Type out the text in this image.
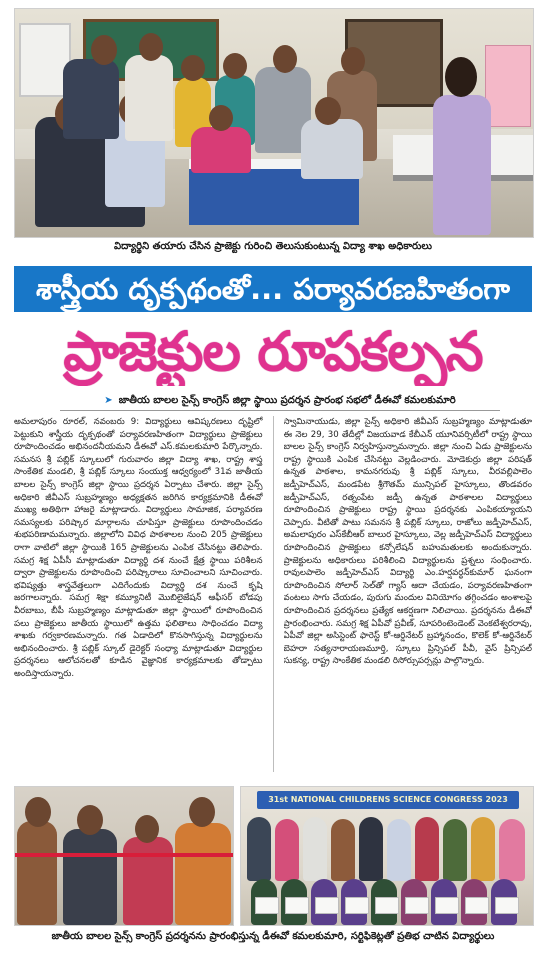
విద్యార్థిని తయారు చేసిన ప్రాజెక్టు గురించి తెలుసుకుంటున్న విద్యా శాఖ అధికారులు
శాస్త్రీయ దృక్పథంతో... పర్యావరణహితంగా
ప్రాజెక్టుల రూపకల్పన
➤ జాతీయ బాలల సైన్స్ కాంగ్రెస్ జిల్లా స్థాయి ప్రదర్శన ప్రారంభ సభలో డీఈవో కమలకుమారి
అమలాపురం రూరల్‌, నవంబరు 9: విద్యార్థులు ఆవిష్కరణలు దృష్టిలో పెట్టుకుని శాస్త్రీయ దృక్పథంతో పర్యావరణహితంగా విద్యార్థులు ప్రాజెక్టులు రూపొందించడం అభినందనీయమని డీఈవో ఎస్‌.కమలకుమారి పేర్కొన్నారు. సమనస శ్రీ పబ్లిక్‌ స్కూలులో గురువారం జిల్లా విద్యా శాఖ, రాష్ట్ర శాస్త్ర సాంకేతిక మండలి, శ్రీ పబ్లిక్‌ స్కూలు సంయుక్త ఆధ్వర్యంలో 31వ జాతీయ బాలల సైన్స్‌ కాంగ్రెస్‌ జిల్లా స్థాయి ప్రదర్శన ఏర్పాటు చేశారు. జిల్లా సైన్స్‌ అధికారి జీవీఎస్‌ సుబ్రహ్మణ్యం అధ్యక్షతన జరిగిన కార్యక్రమానికి డీఈవో ముఖ్య అతిథిగా హాజరై మాట్లాడారు. విద్యార్థులు సామాజిక, పర్యావరణ సమస్యలకు పరిష్కార మార్గాలను చూపిస్తూ ప్రాజెక్టులు రూపొందించడం శుభపరిణామమన్నారు. జిల్లాలోని వివిధ పాఠశాలల నుంచి 205 ప్రాజెక్టులు రాగా వాటిలో జిల్లా స్థాయికి 165 ప్రాజెక్టులను ఎంపిక చేసినట్టు తెలిపారు. సమగ్ర శిక్ష ఏపీసీ మాట్లాడుతూ విద్యార్థి దశ నుంచే క్షేత్ర స్థాయి పరిశీలన ద్వారా ప్రాజెక్టులను రూపొందించి పరిష్కారాలు సూచించాలని సూచించారు. భవిష్యత్తు శాస్త్రవేత్తలుగా ఎదిగేందుకు విద్యార్థి దశ నుంచే కృషి జరగాలన్నారు. సమగ్ర శిక్షా కమ్యూనిటీ మొబిలైజేషన్‌ ఆఫీసర్‌ బోడపు వీరబాబు, బీపీ సుబ్రహ్మణ్యం మాట్లాడుతూ జిల్లా స్థాయిలో రూపొందించిన పలు ప్రాజెక్టులు జాతీయ స్థాయిలో ఉత్తమ ఫలితాలు సాధించడం విద్యా శాఖకు గర్వకారణమన్నారు. గత ఏడాదిలో కొనసాగిస్తున్న విద్యార్థులను అభినందించారు. శ్రీ పబ్లిక్‌ స్కూల్‌ డైరెక్టర్‌ సంధ్యా మాట్లాడుతూ విద్యార్థుల ప్రదర్శనలు ఆలోచనలతో కూడిన వైజ్ఞానిక కార్యక్రమాలకు తోడ్పాటు అందిస్తాయన్నారు.
స్వామినాయుడు, జిల్లా సైన్స్‌ అధికారి జీవీఎస్‌ సుబ్రహ్మణ్యం మాట్లాడుతూ ఈ నెల 29, 30 తేదీల్లో విజయవాడ కేబీఎన్‌ యూనివర్సిటీలో రాష్ట్ర స్థాయి బాలల సైన్స్‌ కాంగ్రెస్‌ నిర్వహిస్తున్నామన్నారు. జిల్లా నుంచి ఏడు ప్రాజెక్టులను రాష్ట్ర స్థాయికి ఎంపిక చేసినట్టు వెల్లడించారు. మోడెకుర్రు జిల్లా పరిషత్‌ ఉన్నత పాఠశాల, కామనగరువు శ్రీ పబ్లిక్‌ స్కూలు, వీరవల్లిపాలెం జడ్పీహెచ్‌ఎస్‌, మండపేట శ్రీగౌతమ్‌ మున్సిపల్‌ హైస్కూలు, తొండవరం జడ్పీహెచ్‌ఎస్‌, రత్నంపేట జడ్పీ ఉన్నత పాఠశాలల విద్యార్థులు రూపొందించిన ప్రాజెక్టులు రాష్ట్ర స్థాయి ప్రదర్శనకు ఎంపికయ్యాయని చెప్పారు. వీటితో పాటు సమనస శ్రీ పబ్లిక్‌ స్కూలు, రాజోలు జడ్పీహెచ్‌ఎస్‌, అమలాపురం ఎస్‌కేబీఆర్‌ బాలుర హైస్కూలు, వెల్ల జడ్పీహెచ్‌ఎస్‌ విద్యార్థులు రూపొందించిన ప్రాజెక్టులు కన్సోలేషన్‌ బహుమతులకు అందుకున్నారు. ప్రాజెక్టులను అధికారులు పరిశీలించి విద్యార్థులను ప్రశ్నలు సంధించారు. రావులపాలెం జడ్పీహెచ్‌ఎస్‌ విద్యార్థి ఎం.హర్షవర్ధన్‌కుమార్‌ ఘనంగా రూపొందించిన సోలార్‌ సెల్‌తో గ్యాస్‌ ఆదా చేయడం, పర్యావరణహితంగా వంటలు సాగు చేయడం, పురుగు మందుల వినియోగం తగ్గించడం అంశాలపై రూపొందించిన ప్రదర్శనలు ప్రత్యేక ఆకర్షణగా నిలిచాయి. ప్రదర్శనను డీఈవో ప్రారంభించారు. సమగ్ర శిక్ష ఏపీవో ప్రవీణ్‌, సూపరింటెండెంట్‌ వెంకటేశ్వరరావు, ఏపీవో జిల్లా అసిస్టెంట్‌ ఫారెస్ట్‌ కో-ఆర్డినేటర్‌ బ్రహ్మానందం, కొలెక్‌ కో-ఆర్డినేటర్‌ బెహరా సత్యనారాయణమూర్తి, స్కూలు ప్రిన్సిపల్‌ పీవీ, వైస్‌ ప్రిన్సిపల్‌ సుకన్య, రాష్ట్ర సాంకేతిక మండలి రిసోర్సుపర్సన్లు పాల్గొన్నారు.
31st NATIONAL CHILDRENS SCIENCE CONGRESS 2023
జాతీయ బాలల సైన్స్ కాంగ్రెస్ ప్రదర్శనను ప్రారంభిస్తున్న డీఈవో కమలకుమారి, సర్టిఫికెట్లతో ప్రతిభ చాటిన విద్యార్థులు
